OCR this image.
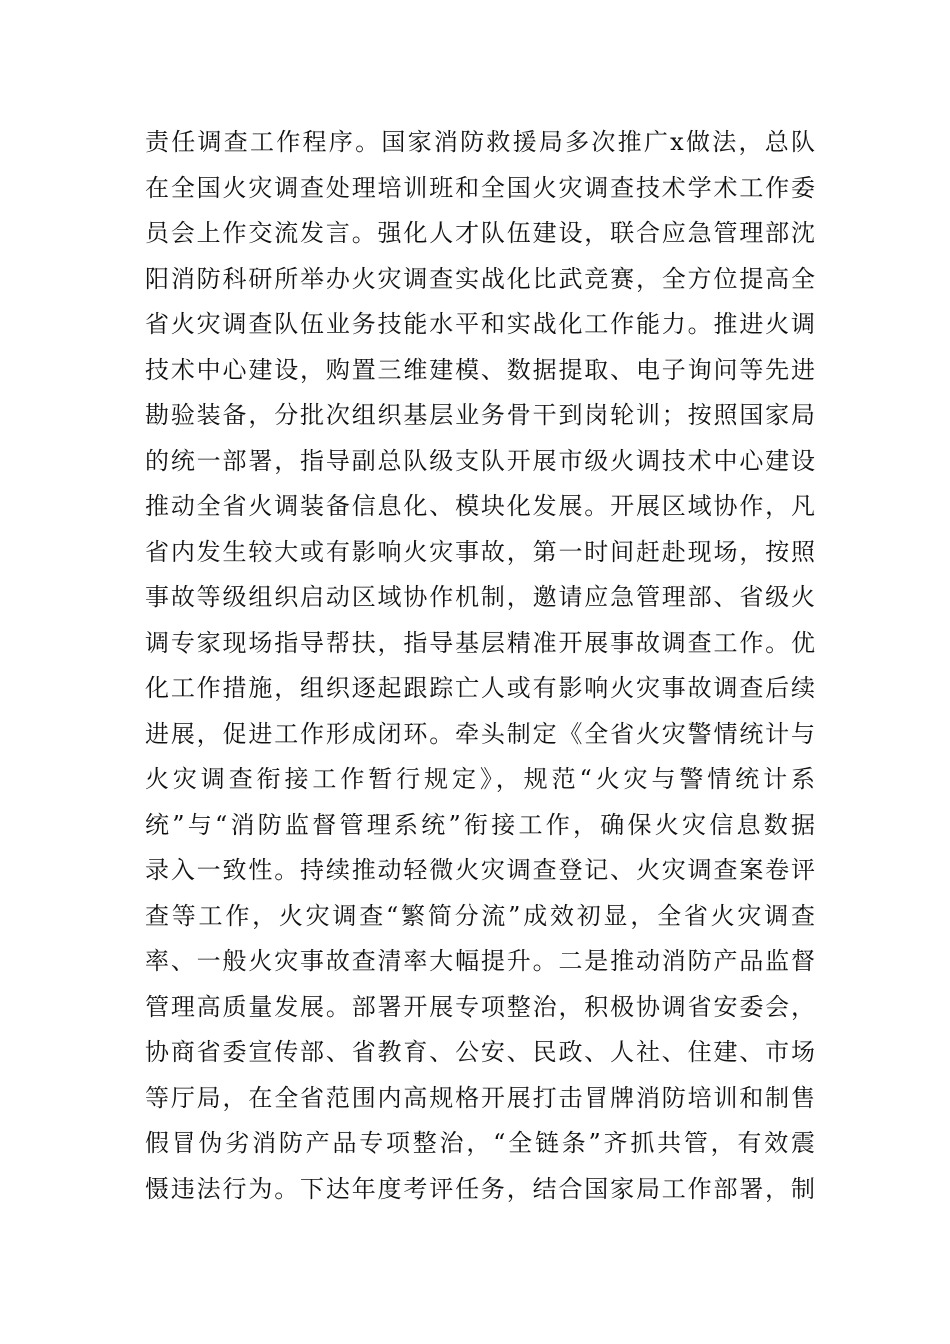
责任调查工作程序。国家消防救援局多次推广x做法，总队
在全国火灾调查处理培训班和全国火灾调查技术学术工作委
员会上作交流发言。强化人才队伍建设，联合应急管理部沈
阳消防科研所举办火灾调查实战化比武竞赛，全方位提高全
省火灾调查队伍业务技能水平和实战化工作能力。推进火调
技术中心建设，购置三维建模、数据提取、电子询问等先进
勘验装备，分批次组织基层业务骨干到岗轮训；按照国家局
的统一部署，指导副总队级支队开展市级火调技术中心建设
推动全省火调装备信息化、模块化发展。开展区域协作，凡
省内发生较大或有影响火灾事故，第一时间赶赴现场，按照
事故等级组织启动区域协作机制，邀请应急管理部、省级火
调专家现场指导帮扶，指导基层精准开展事故调查工作。优
化工作措施，组织逐起跟踪亡人或有影响火灾事故调查后续
进展，促进工作形成闭环。牵头制定《全省火灾警情统计与
火灾调查衔接工作暂行规定》，规范“火灾与警情统计系
统”与“消防监督管理系统”衔接工作，确保火灾信息数据
录入一致性。持续推动轻微火灾调查登记、火灾调查案卷评
查等工作，火灾调查“繁简分流”成效初显，全省火灾调查
率、一般火灾事故查清率大幅提升。二是推动消防产品监督
管理高质量发展。部署开展专项整治，积极协调省安委会，
协商省委宣传部、省教育、公安、民政、人社、住建、市场
等厅局，在全省范围内高规格开展打击冒牌消防培训和制售
假冒伪劣消防产品专项整治，“全链条”齐抓共管，有效震
慑违法行为。下达年度考评任务，结合国家局工作部署，制
